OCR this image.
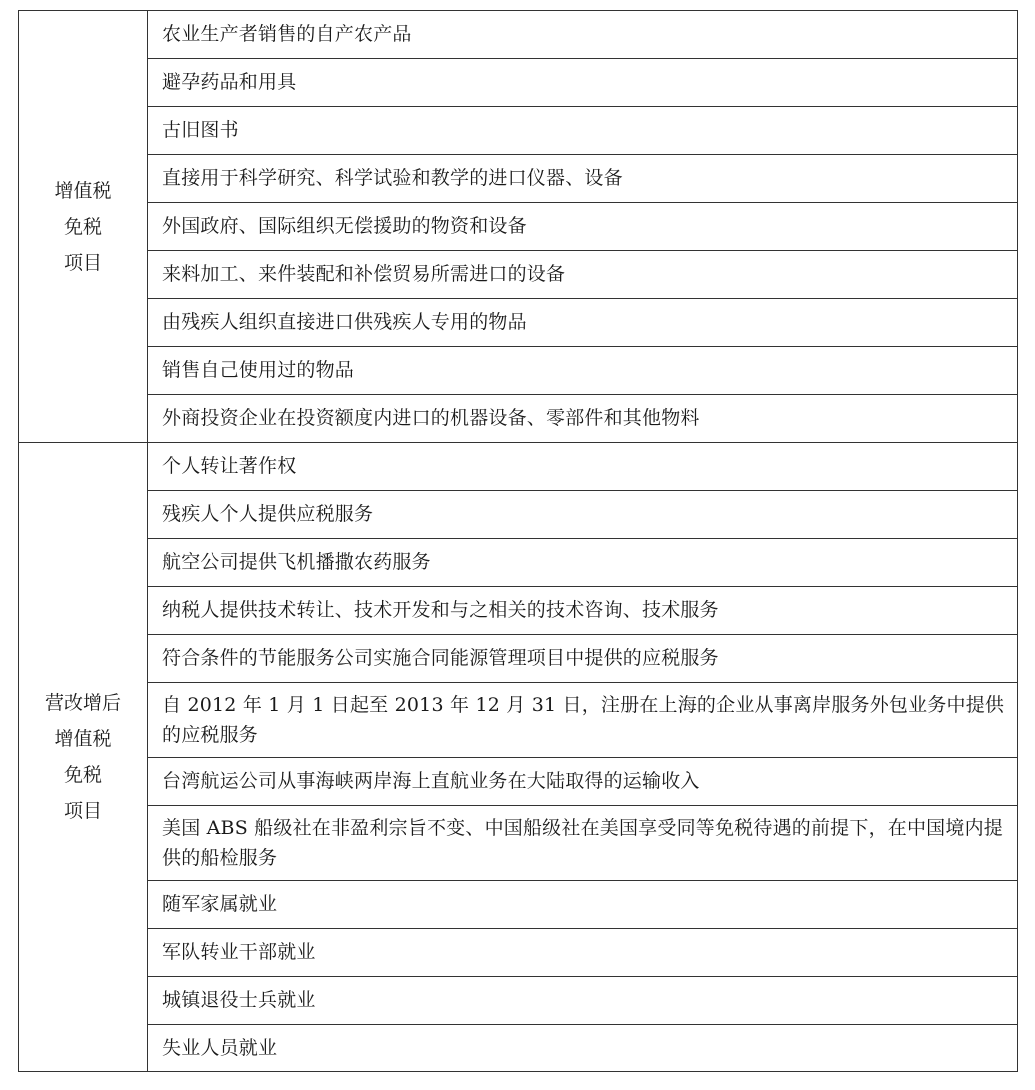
增值税
免税
项目	农业生产者销售的自产农产品
	避孕药品和用具
	古旧图书
	直接用于科学研究、科学试验和教学的进口仪器、设备
	外国政府、国际组织无偿援助的物资和设备
	来料加工、来件装配和补偿贸易所需进口的设备
	由残疾人组织直接进口供残疾人专用的物品
	销售自己使用过的物品
	外商投资企业在投资额度内进口的机器设备、零部件和其他物料

营改增后
增值税
免税
项目	个人转让著作权
	残疾人个人提供应税服务
	航空公司提供飞机播撒农药服务
	纳税人提供技术转让、技术开发和与之相关的技术咨询、技术服务
	符合条件的节能服务公司实施合同能源管理项目中提供的应税服务
	自 2012 年 1 月 1 日起至 2013 年 12 月 31 日，注册在上海的企业从事离岸服务外包业务中提供的应税服务
	台湾航运公司从事海峡两岸海上直航业务在大陆取得的运输收入
	美国 ABS 船级社在非盈利宗旨不变、中国船级社在美国享受同等免税待遇的前提下，在中国境内提供的船检服务
	随军家属就业
	军队转业干部就业
	城镇退役士兵就业
	失业人员就业
